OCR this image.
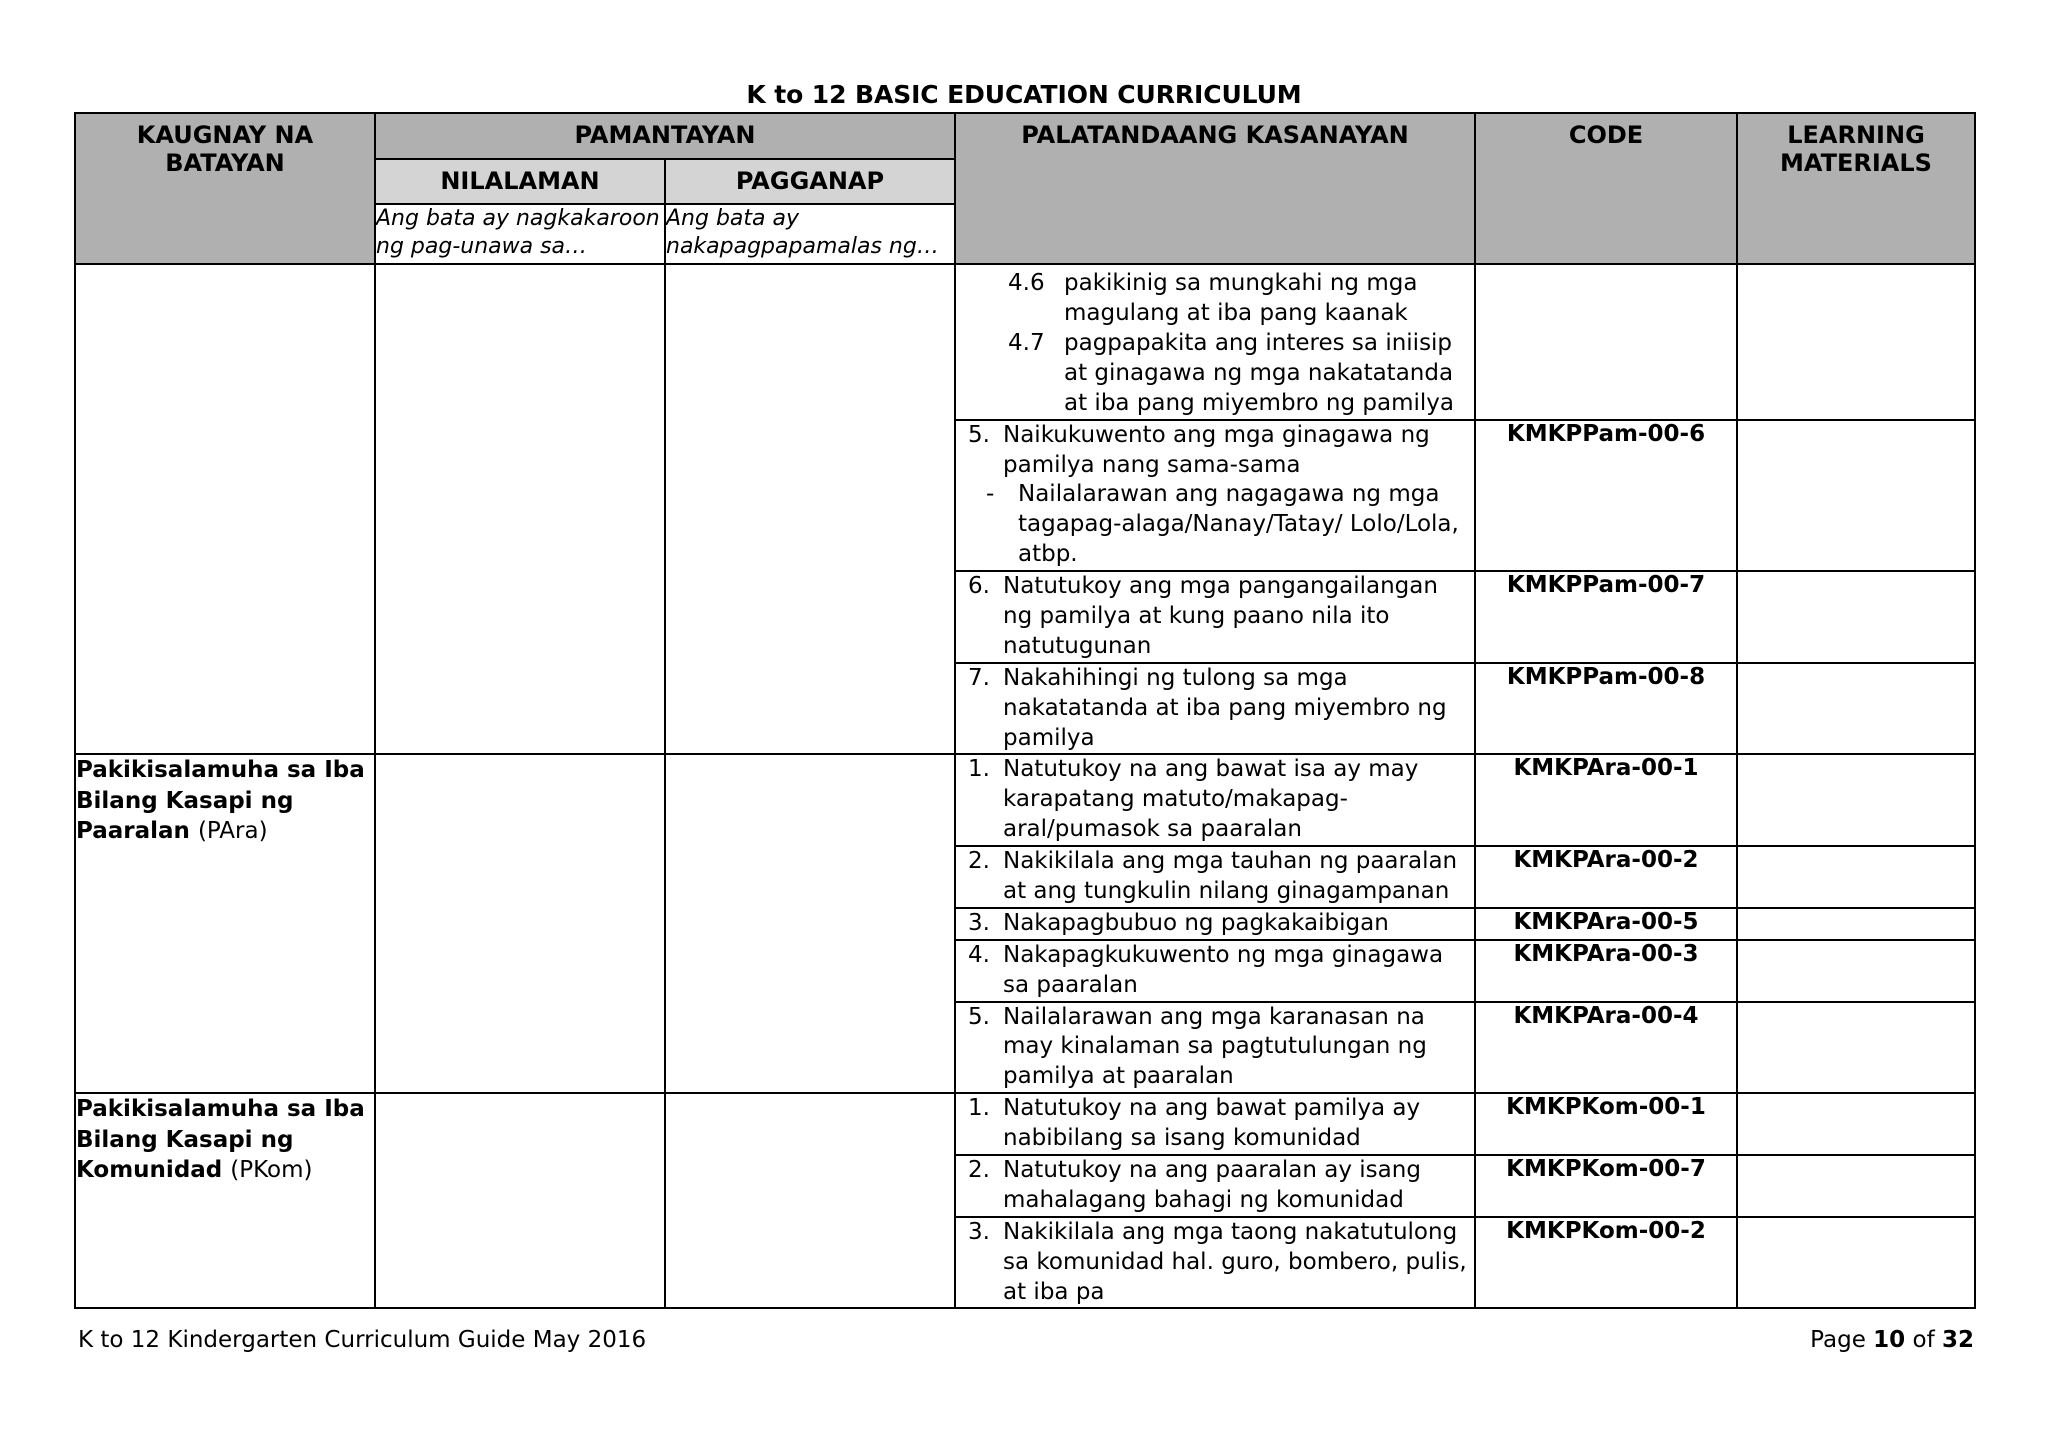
K to 12 BASIC EDUCATION CURRICULUM
KAUGNAY NA BATAYAN	PAMANTAYAN		PALATANDAANG KASANAYAN	CODE	LEARNING MATERIALS
	NILALAMAN	PAGGANAP			
	Ang bata ay nagkakaroon ng pag-unawa sa…	Ang bata ay nakapagpapamalas ng…			

			4.6 pakikinig sa mungkahi ng mga magulang at iba pang kaanak
4.7 pagpapakita ang interes sa iniisip at ginagawa ng mga nakatatanda at iba pang miyembro ng pamilya		

			5. Naikukuwento ang mga ginagawa ng pamilya nang sama-sama
- Nailalarawan ang nagagawa ng mga tagapag-alaga/Nanay/Tatay/ Lolo/Lola, atbp.	KMKPPam-00-6	

			6. Natutukoy ang mga pangangailangan ng pamilya at kung paano nila ito natutugunan	KMKPPam-00-7	

			7. Nakahihingi ng tulong sa mga nakatatanda at iba pang miyembro ng pamilya	KMKPPam-00-8	
Pakikisalamuha sa Iba Bilang Kasapi ng Paaralan (PAra)			1. Natutukoy na ang bawat isa ay may karapatang matuto/makapag-aral/pumasok sa paaralan	KMKPAra-00-1	

			2. Nakikilala ang mga tauhan ng paaralan at ang tungkulin nilang ginagampanan	KMKPAra-00-2	

			3. Nakapagbubuo ng pagkakaibigan	KMKPAra-00-5	

			4. Nakapagkukuwento ng mga ginagawa sa paaralan	KMKPAra-00-3	

			5. Nailalarawan ang mga karanasan na may kinalaman sa pagtutulungan ng pamilya at paaralan	KMKPAra-00-4	
Pakikisalamuha sa Iba Bilang Kasapi ng Komunidad (PKom)			1. Natutukoy na ang bawat pamilya ay nabibilang sa isang komunidad	KMKPKom-00-1	

			2. Natutukoy na ang paaralan ay isang mahalagang bahagi ng komunidad	KMKPKom-00-7	

			3. Nakikilala ang mga taong nakatutulong sa komunidad hal. guro, bombero, pulis, at iba pa	KMKPKom-00-2	
K to 12 Kindergarten Curriculum Guide May 2016	Page 10 of 32
